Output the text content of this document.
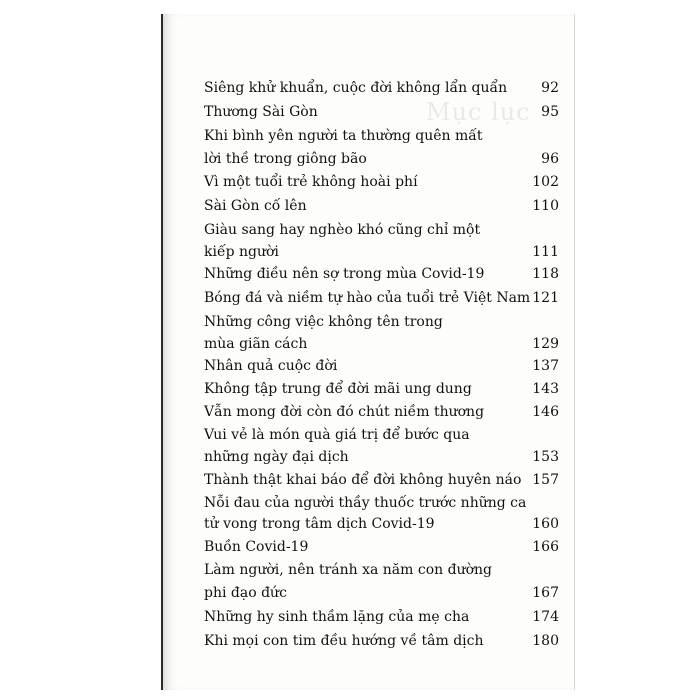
Mục lục
Siêng khử khuẩn, cuộc đời không lẩn quẩn 92
Thương Sài Gòn	95
Khi bình yên người ta thường quên mất
lời thề trong giông bão	96
Vì một tuổi trẻ không hoài phí	102
Sài Gòn cố lên	110
Giàu sang hay nghèo khó cũng chỉ một
kiếp người	111
Những điều nên sợ trong mùa Covid-19	118
Bóng đá và niềm tự hào của tuổi trẻ Việt Nam 121
Những công việc không tên trong
mùa giãn cách	129
Nhân quả cuộc đời	137
Không tập trung để đời mãi ung dung	143
Vẫn mong đời còn đó chút niềm thương	146
Vui vẻ là món quà giá trị để bước qua
những ngày đại dịch	153
Thành thật khai báo để đời không huyên náo 157
Nỗi đau của người thầy thuốc trước những ca
tử vong trong tâm dịch Covid-19	160
Buồn Covid-19	166
Làm người, nên tránh xa năm con đường
phi đạo đức	167
Những hy sinh thầm lặng của mẹ cha	174
Khi mọi con tim đều hướng về tâm dịch	180
